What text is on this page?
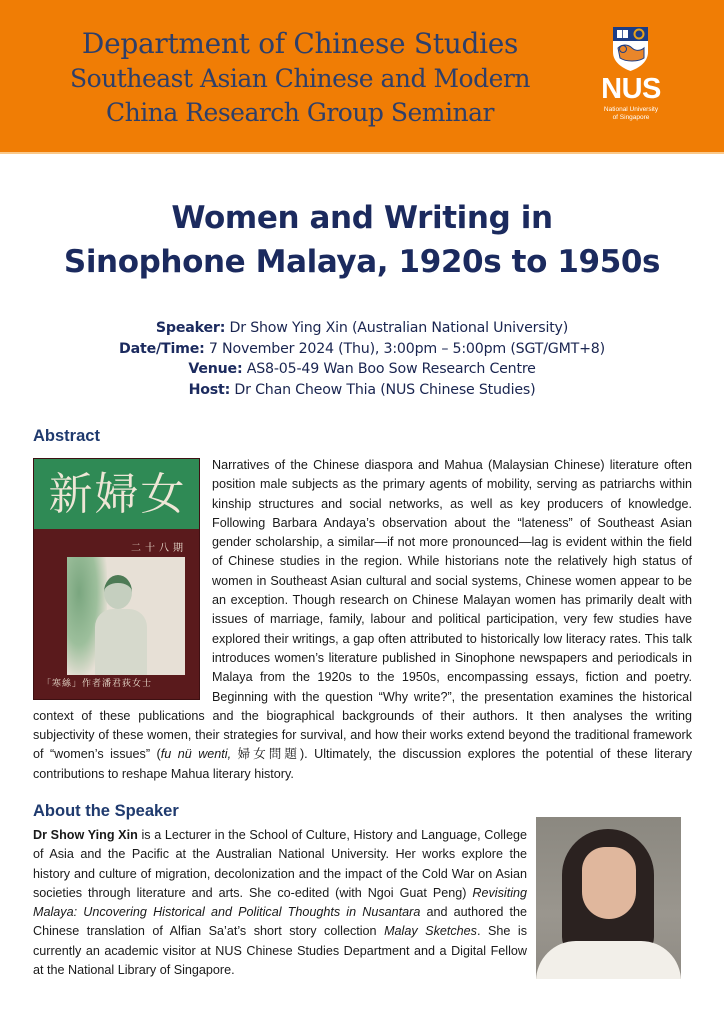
Department of Chinese Studies
Southeast Asian Chinese and Modern
China Research Group Seminar
NUS
National University
of Singapore
Women and Writing in
Sinophone Malaya, 1920s to 1950s
Speaker: Dr Show Ying Xin (Australian National University)
Date/Time: 7 November 2024 (Thu), 3:00pm – 5:00pm (SGT/GMT+8)
Venue: AS8-05-49 Wan Boo Sow Research Centre
Host: Dr Chan Cheow Thia (NUS Chinese Studies)
Abstract
新婦女
二十八期
「寒絲」作者潘君荻女士
Narratives of the Chinese diaspora and Mahua (Malaysian Chinese) literature often position male subjects as the primary agents of mobility, serving as patriarchs within kinship structures and social networks, as well as key producers of knowledge. Following Barbara Andaya’s observation about the “lateness” of Southeast Asian gender scholarship, a similar—if not more pronounced—lag is evident within the field of Chinese studies in the region. While historians note the relatively high status of women in Southeast Asian cultural and social systems, Chinese women appear to be an exception. Though research on Chinese Malayan women has primarily dealt with issues of marriage, family, labour and political participation, very few studies have explored their writings, a gap often attributed to historically low literacy rates. This talk introduces women’s literature published in Sinophone newspapers and periodicals in Malaya from the 1920s to the 1950s, encompassing essays, fiction and poetry. Beginning with the question “Why write?”, the presentation examines the historical context of these publications and the biographical backgrounds of their authors. It then analyses the writing subjectivity of these women, their strategies for survival, and how their works extend beyond the traditional framework of “women’s issues” (fu nü wenti, 婦女問題). Ultimately, the discussion explores the potential of these literary contributions to reshape Mahua literary history.
About the Speaker
Dr Show Ying Xin is a Lecturer in the School of Culture, History and Language, College of Asia and the Pacific at the Australian National University. Her works explore the history and culture of migration, decolonization and the impact of the Cold War on Asian societies through literature and arts. She co-edited (with Ngoi Guat Peng) Revisiting Malaya: Uncovering Historical and Political Thoughts in Nusantara and authored the Chinese translation of Alfian Sa’at’s short story collection Malay Sketches. She is currently an academic visitor at NUS Chinese Studies Department and a Digital Fellow at the National Library of Singapore.
